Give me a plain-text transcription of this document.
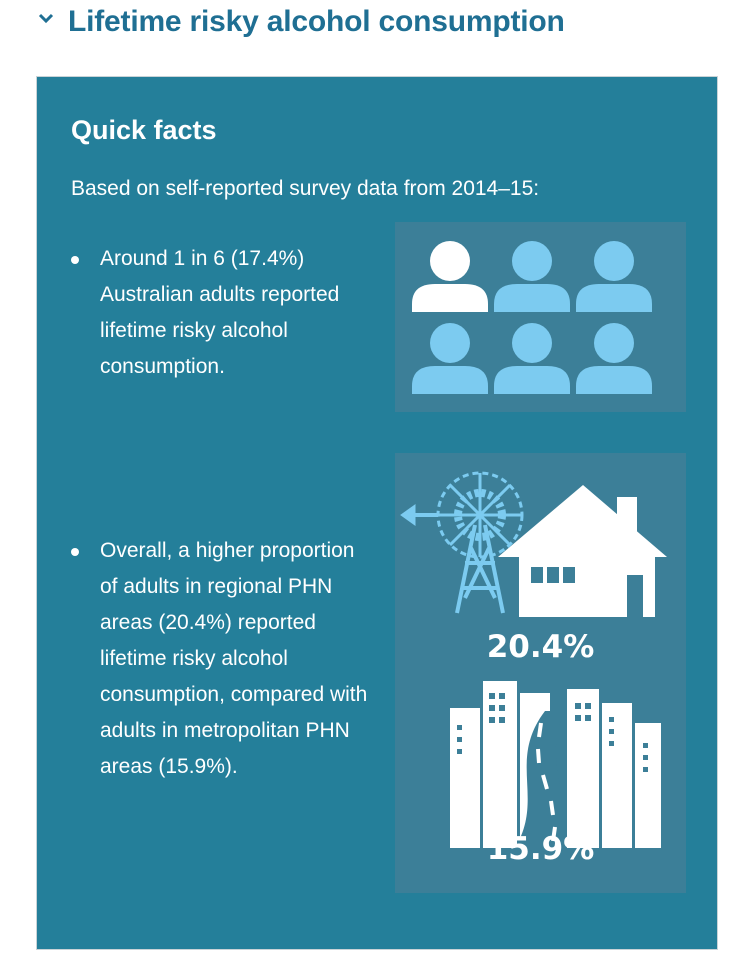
Lifetime risky alcohol consumption
Quick facts

Based on self-reported survey data from 2014–15:

Around 1 in 6 (17.4%) Australian adults reported lifetime risky alcohol consumption.
Overall, a higher proportion of adults in regional PHN areas (20.4%) reported lifetime risky alcohol consumption, compared with adults in metropolitan PHN areas (15.9%).
20.4%
15.9%
